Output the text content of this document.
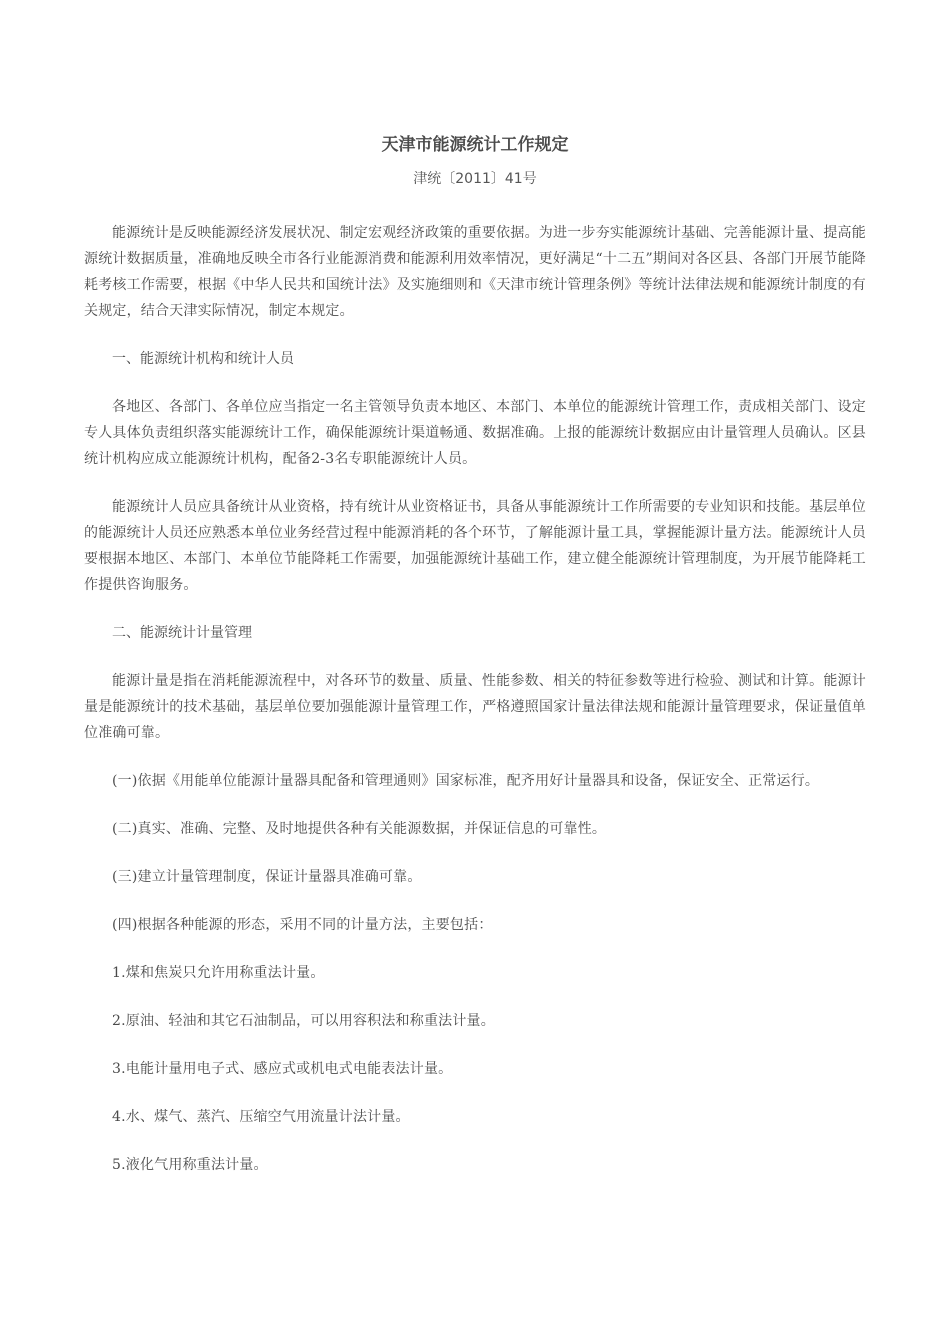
天津市能源统计工作规定
津统〔2011〕41号

能源统计是反映能源经济发展状况、制定宏观经济政策的重要依据。为进一步夯实能源统计基础、完善能源计量、提高能源统计数据质量，准确地反映全市各行业能源消费和能源利用效率情况，更好满足“十二五”期间对各区县、各部门开展节能降耗考核工作需要，根据《中华人民共和国统计法》及实施细则和《天津市统计管理条例》等统计法律法规和能源统计制度的有关规定，结合天津实际情况，制定本规定。

一、能源统计机构和统计人员

各地区、各部门、各单位应当指定一名主管领导负责本地区、本部门、本单位的能源统计管理工作，责成相关部门、设定专人具体负责组织落实能源统计工作，确保能源统计渠道畅通、数据准确。上报的能源统计数据应由计量管理人员确认。区县统计机构应成立能源统计机构，配备2-3名专职能源统计人员。

能源统计人员应具备统计从业资格，持有统计从业资格证书，具备从事能源统计工作所需要的专业知识和技能。基层单位的能源统计人员还应熟悉本单位业务经营过程中能源消耗的各个环节，了解能源计量工具，掌握能源计量方法。能源统计人员要根据本地区、本部门、本单位节能降耗工作需要，加强能源统计基础工作，建立健全能源统计管理制度，为开展节能降耗工作提供咨询服务。

二、能源统计计量管理

能源计量是指在消耗能源流程中，对各环节的数量、质量、性能参数、相关的特征参数等进行检验、测试和计算。能源计量是能源统计的技术基础，基层单位要加强能源计量管理工作，严格遵照国家计量法律法规和能源计量管理要求，保证量值单位准确可靠。

(一)依据《用能单位能源计量器具配备和管理通则》国家标准，配齐用好计量器具和设备，保证安全、正常运行。

(二)真实、准确、完整、及时地提供各种有关能源数据，并保证信息的可靠性。

(三)建立计量管理制度，保证计量器具准确可靠。

(四)根据各种能源的形态，采用不同的计量方法，主要包括：

1.煤和焦炭只允许用称重法计量。

2.原油、轻油和其它石油制品，可以用容积法和称重法计量。

3.电能计量用电子式、感应式或机电式电能表法计量。

4.水、煤气、蒸汽、压缩空气用流量计法计量。

5.液化气用称重法计量。
